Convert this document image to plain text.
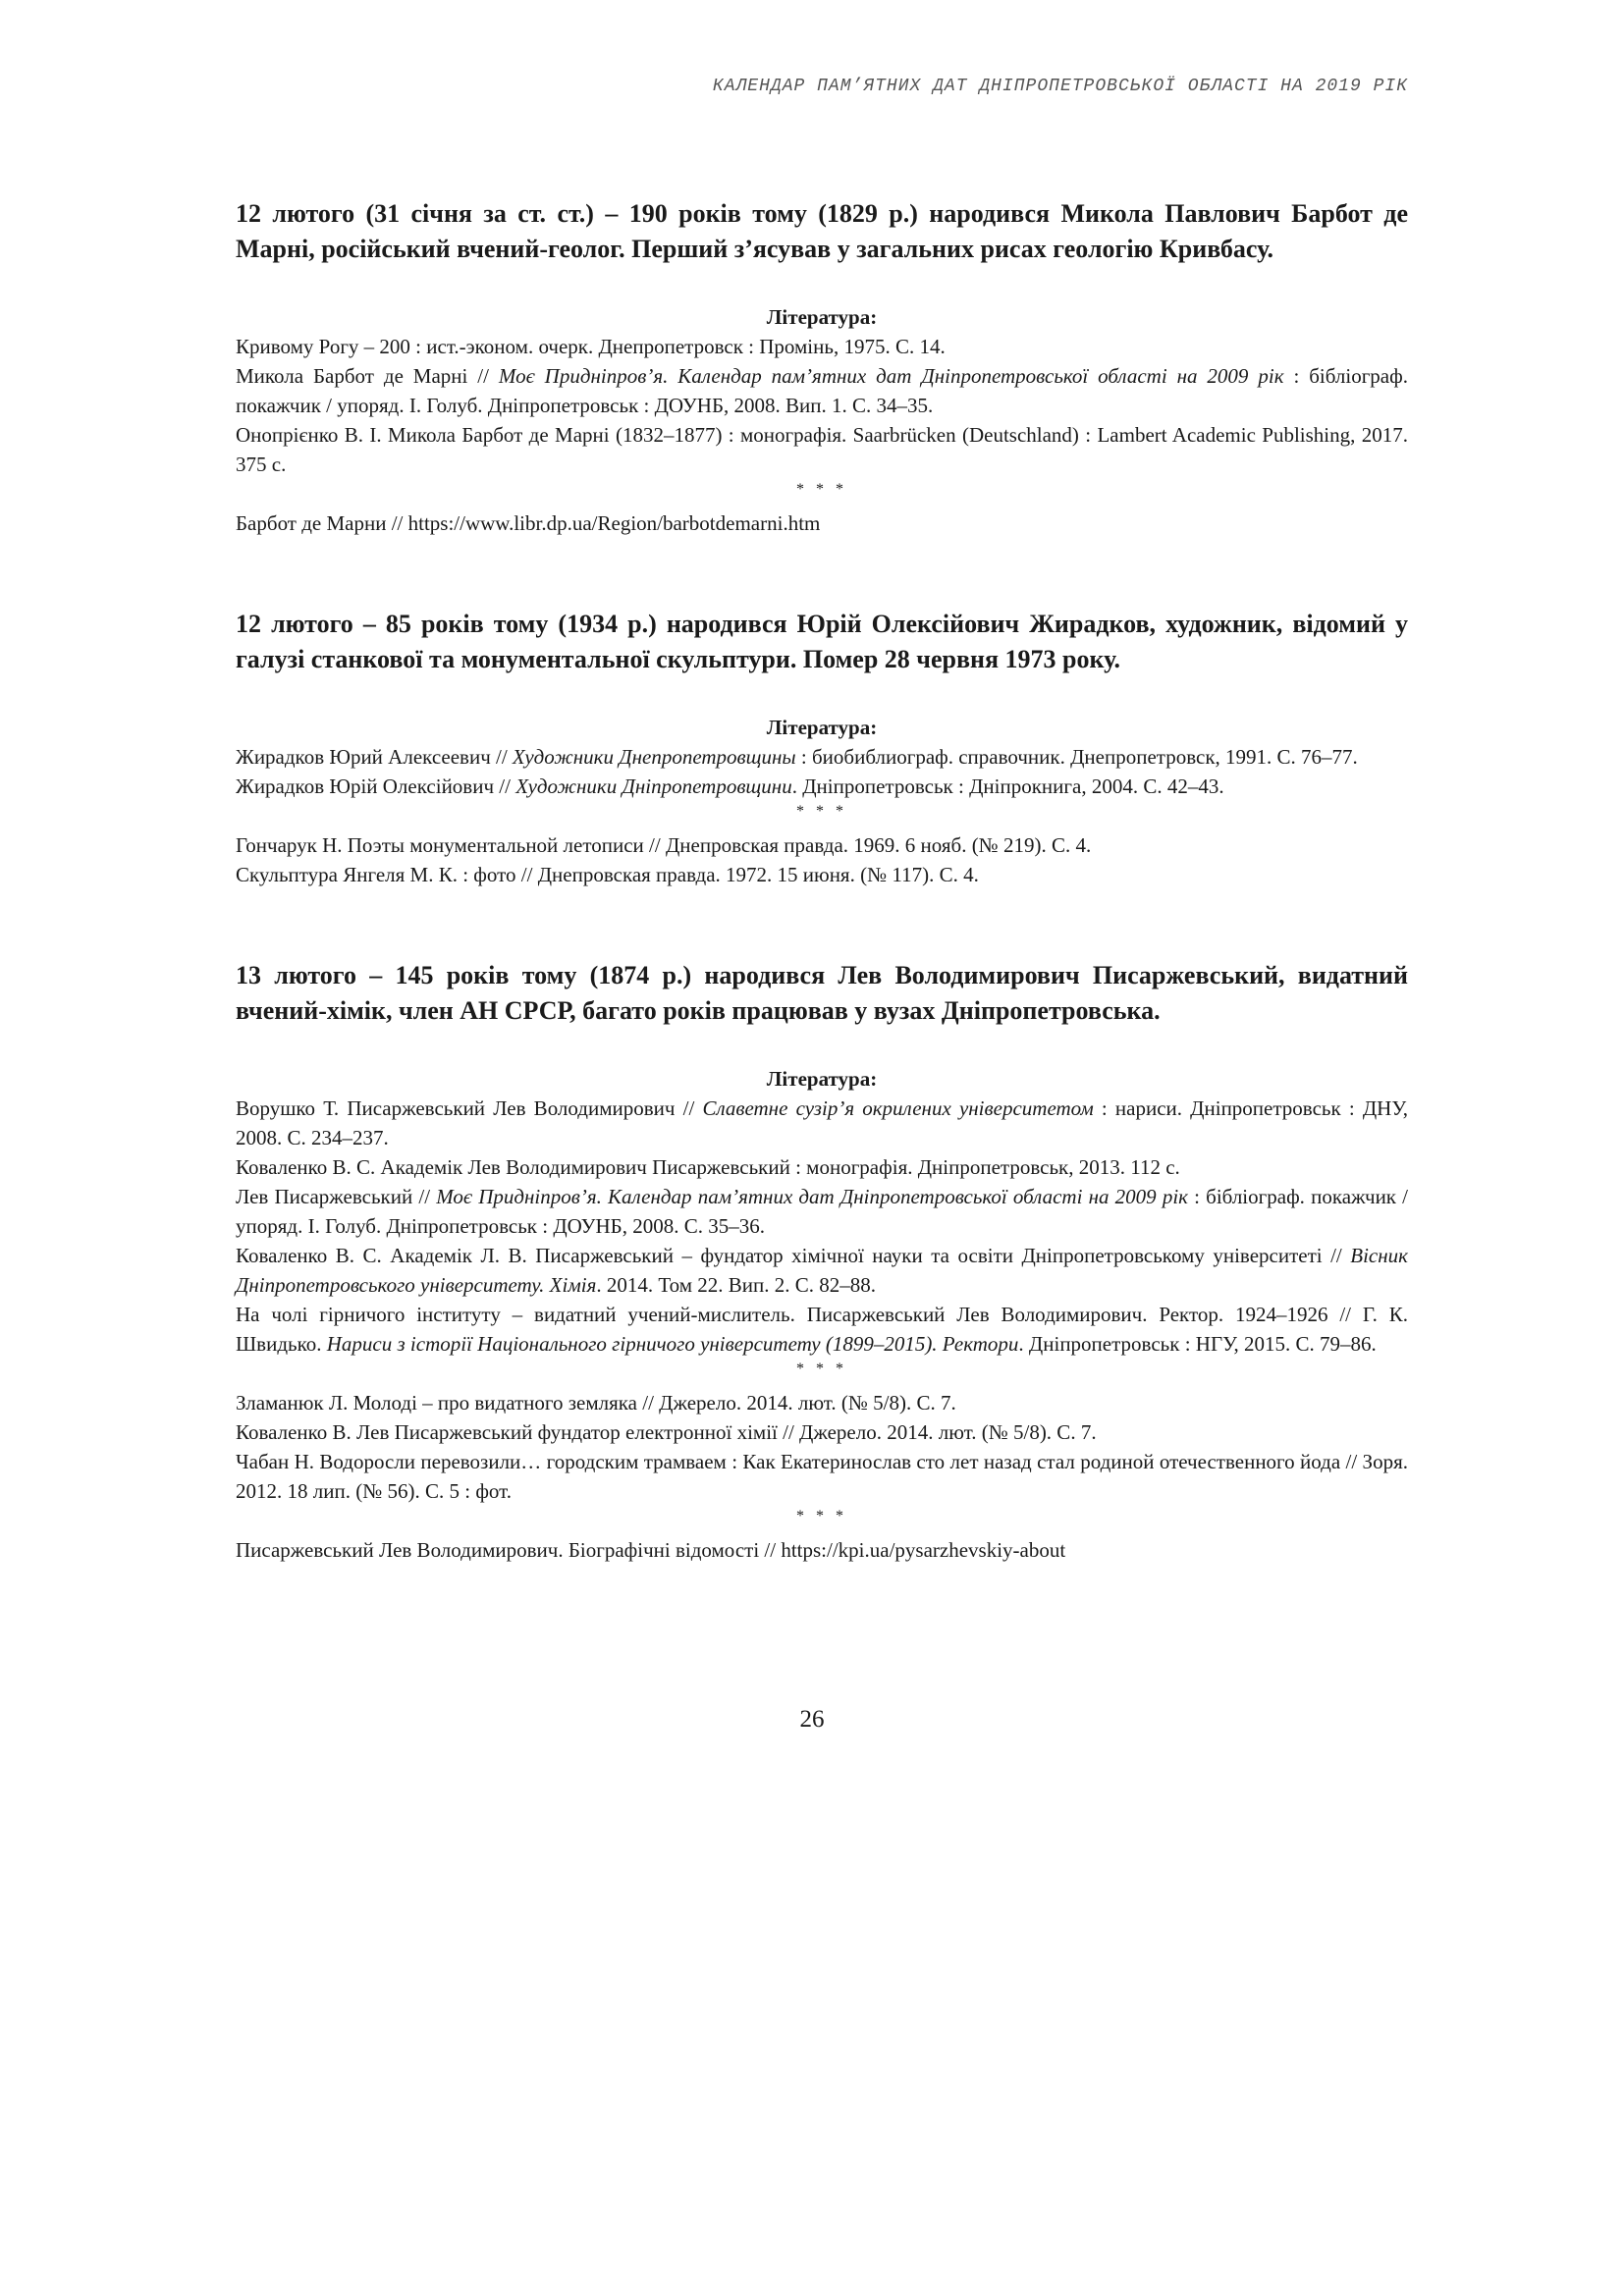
КАЛЕНДАР ПАМ’ЯТНИХ ДАТ ДНІПРОПЕТРОВСЬКОЇ ОБЛАСТІ НА 2019 РІК

12 лютого (31 січня за ст. ст.) – 190 років тому (1829 р.) народився Микола Павлович Барбот де Марні, російський вчений-геолог. Перший з’ясував у загальних рисах геологію Кривбасу.

Література:

Кривому Рогу – 200 : ист.-эконом. очерк. Днепропетровск : Промінь, 1975. С. 14.

Микола Барбот де Марні // Моє Придніпров’я. Календар пам’ятних дат Дніпропетровської області на 2009 рік : бібліограф. покажчик / упоряд. І. Голуб. Дніпропетровськ : ДОУНБ, 2008. Вип. 1. С. 34–35.

Онопрієнко В. І. Микола Барбот де Марні (1832–1877) : монографія. Saarbrücken (Deutschland) : Lambert Academic Publishing, 2017. 375 с.

* * *

Барбот де Марни // https://www.libr.dp.ua/Region/barbotdemarni.htm

12 лютого – 85 років тому (1934 р.) народився Юрій Олексійович Жирадков, художник, відомий у галузі станкової та монументальної скульптури. Помер 28 червня 1973 року.

Література:

Жирадков Юрий Алексеевич // Художники Днепропетровщины : биобиблиограф. справочник. Днепропетровск, 1991. С. 76–77.

Жирадков Юрій Олексійович // Художники Дніпропетровщини. Дніпропетровськ : Дніпрокнига, 2004. С. 42–43.

* * *

Гончарук Н. Поэты монументальной летописи // Днепровская правда. 1969. 6 нояб. (№ 219). С. 4.

Скульптура Янгеля М. К. : фото // Днепровская правда. 1972. 15 июня. (№ 117). С. 4.

13 лютого – 145 років тому (1874 р.) народився Лев Володимирович Писаржевський, видатний вчений-хімік, член АН СРСР, багато років працював у вузах Дніпропетровська.

Література:

Ворушко Т. Писаржевський Лев Володимирович // Славетне сузір’я окрилених університетом : нариси. Дніпропетровськ : ДНУ, 2008. С. 234–237.

Коваленко В. С. Академік Лев Володимирович Писаржевський : монографія. Дніпропетровськ, 2013. 112 с.

Лев Писаржевський // Моє Придніпров’я. Календар пам’ятних дат Дніпропетровської області на 2009 рік : бібліограф. покажчик / упоряд. І. Голуб. Дніпропетровськ : ДОУНБ, 2008. С. 35–36.

Коваленко В. С. Академік Л. В. Писаржевський – фундатор хімічної науки та освіти Дніпропетровському університеті // Вісник Дніпропетровського університету. Хімія. 2014. Том 22. Вип. 2. С. 82–88.

На чолі гірничого інституту – видатний учений-мислитель. Писаржевський Лев Володимирович. Ректор. 1924–1926 // Г. К. Швидько. Нариси з історії Національного гірничого університету (1899–2015). Ректори. Дніпропетровськ : НГУ, 2015. С. 79–86.

* * *

Зламанюк Л. Молоді – про видатного земляка // Джерело. 2014. лют. (№ 5/8). С. 7.

Коваленко В. Лев Писаржевський фундатор електронної хімії // Джерело. 2014. лют. (№ 5/8). С. 7.

Чабан Н. Водоросли перевозили… городским трамваем : Как Екатеринослав сто лет назад стал родиной отечественного йода // Зоря. 2012. 18 лип. (№ 56). С. 5 : фот.

* * *

Писаржевський Лев Володимирович. Біографічні відомості // https://kpi.ua/pysarzhevskiy-about

26
